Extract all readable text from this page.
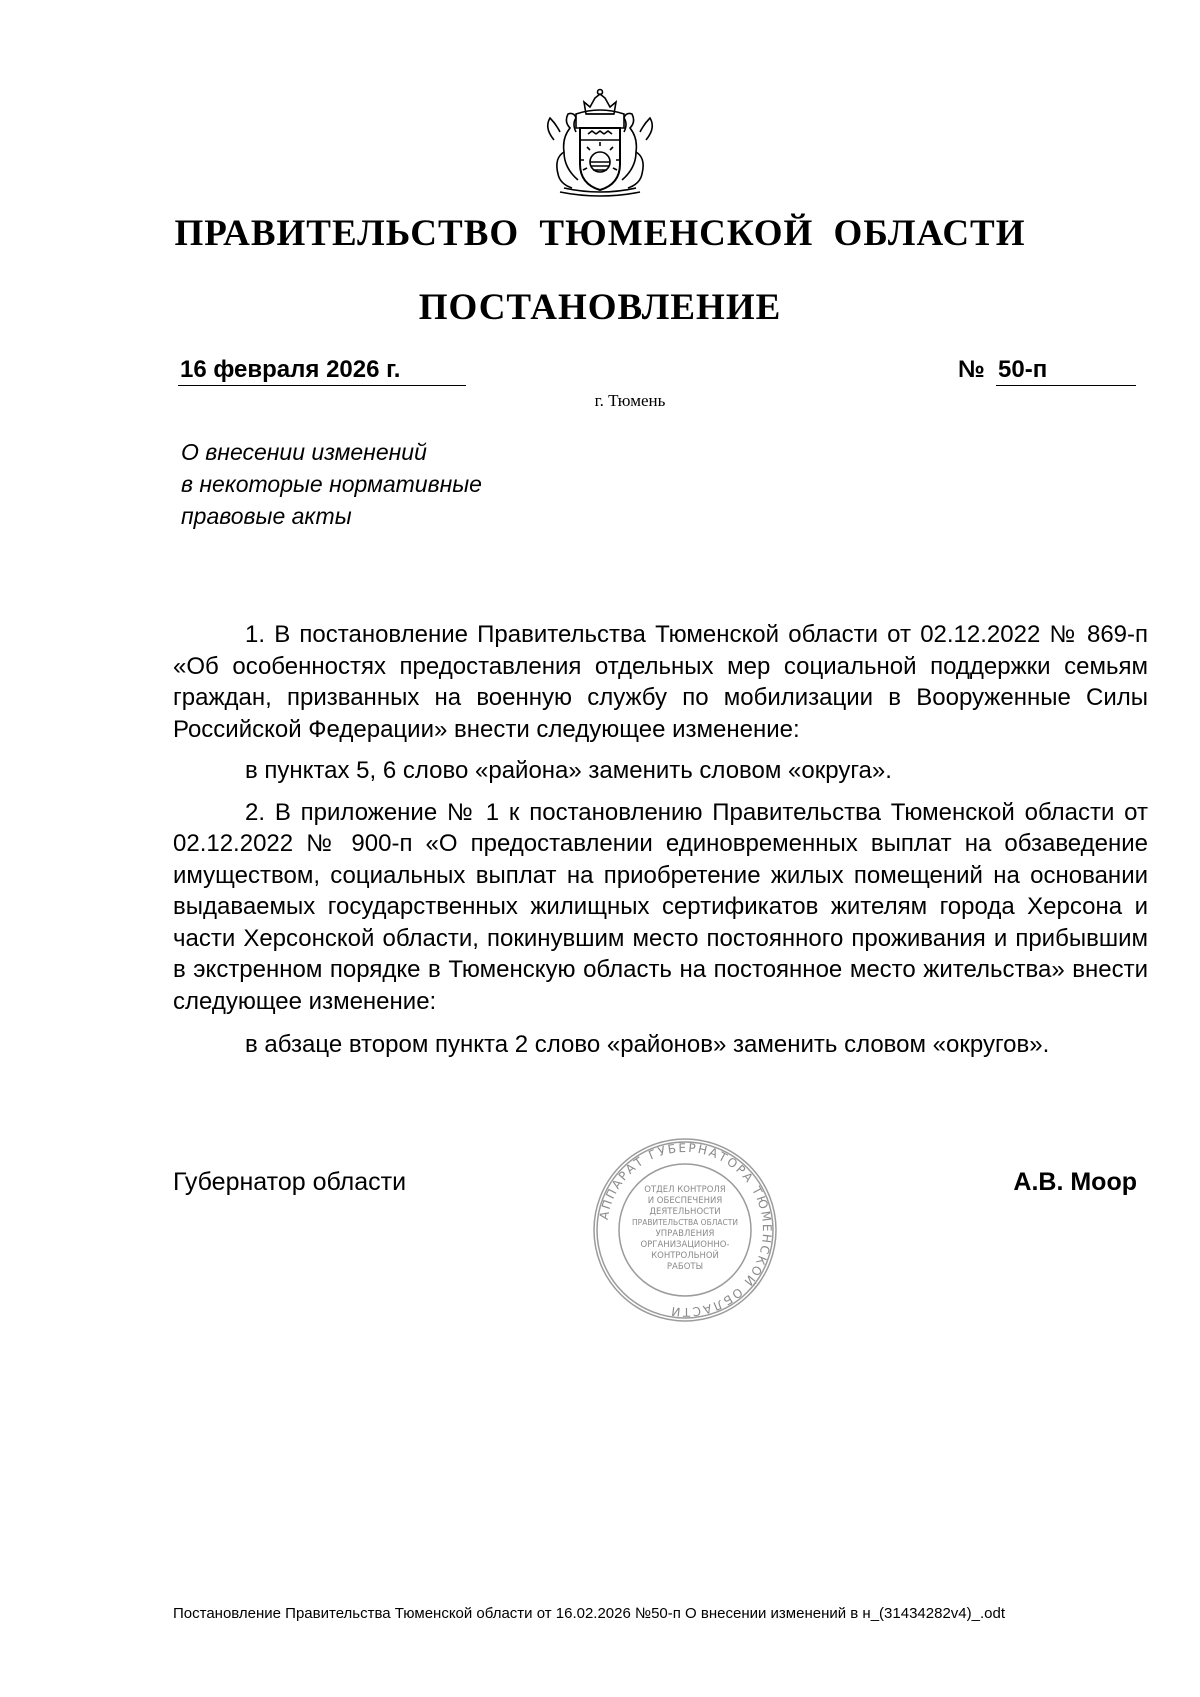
ПРАВИТЕЛЬСТВО ТЮМЕНСКОЙ ОБЛАСТИ
ПОСТАНОВЛЕНИЕ
16 февраля 2026 г.	№ 50-п
г. Тюмень
О внесении изменений
в некоторые нормативные
правовые акты

1. В постановление Правительства Тюменской области от 02.12.2022 № 869-п «Об особенностях предоставления отдельных мер социальной поддержки семьям граждан, призванных на военную службу по мобилизации в Вооруженные Силы Российской Федерации» внести следующее изменение:

в пунктах 5, 6 слово «района» заменить словом «округа».

2. В приложение № 1 к постановлению Правительства Тюменской области от 02.12.2022 № 900-п «О предоставлении единовременных выплат на обзаведение имуществом, социальных выплат на приобретение жилых помещений на основании выдаваемых государственных жилищных сертификатов жителям города Херсона и части Херсонской области, покинувшим место постоянного проживания и прибывшим в экстренном порядке в Тюменскую область на постоянное место жительства» внести следующее изменение:

в абзаце втором пункта 2 слово «районов» заменить словом «округов».

Губернатор области
АППАРАТ ГУБЕРНАТОРА ТЮМЕНСКОЙ ОБЛАСТИ
ОТДЕЛ КОНТРОЛЯ
И ОБЕСПЕЧЕНИЯ
ДЕЯТЕЛЬНОСТИ
ПРАВИТЕЛЬСТВА ОБЛАСТИ
УПРАВЛЕНИЯ
ОРГАНИЗАЦИОННО-
КОНТРОЛЬНОЙ
РАБОТЫ
А.В. Моор
Постановление Правительства Тюменской области от 16.02.2026 №50-п О внесении изменений в н_(31434282v4)_.odt
